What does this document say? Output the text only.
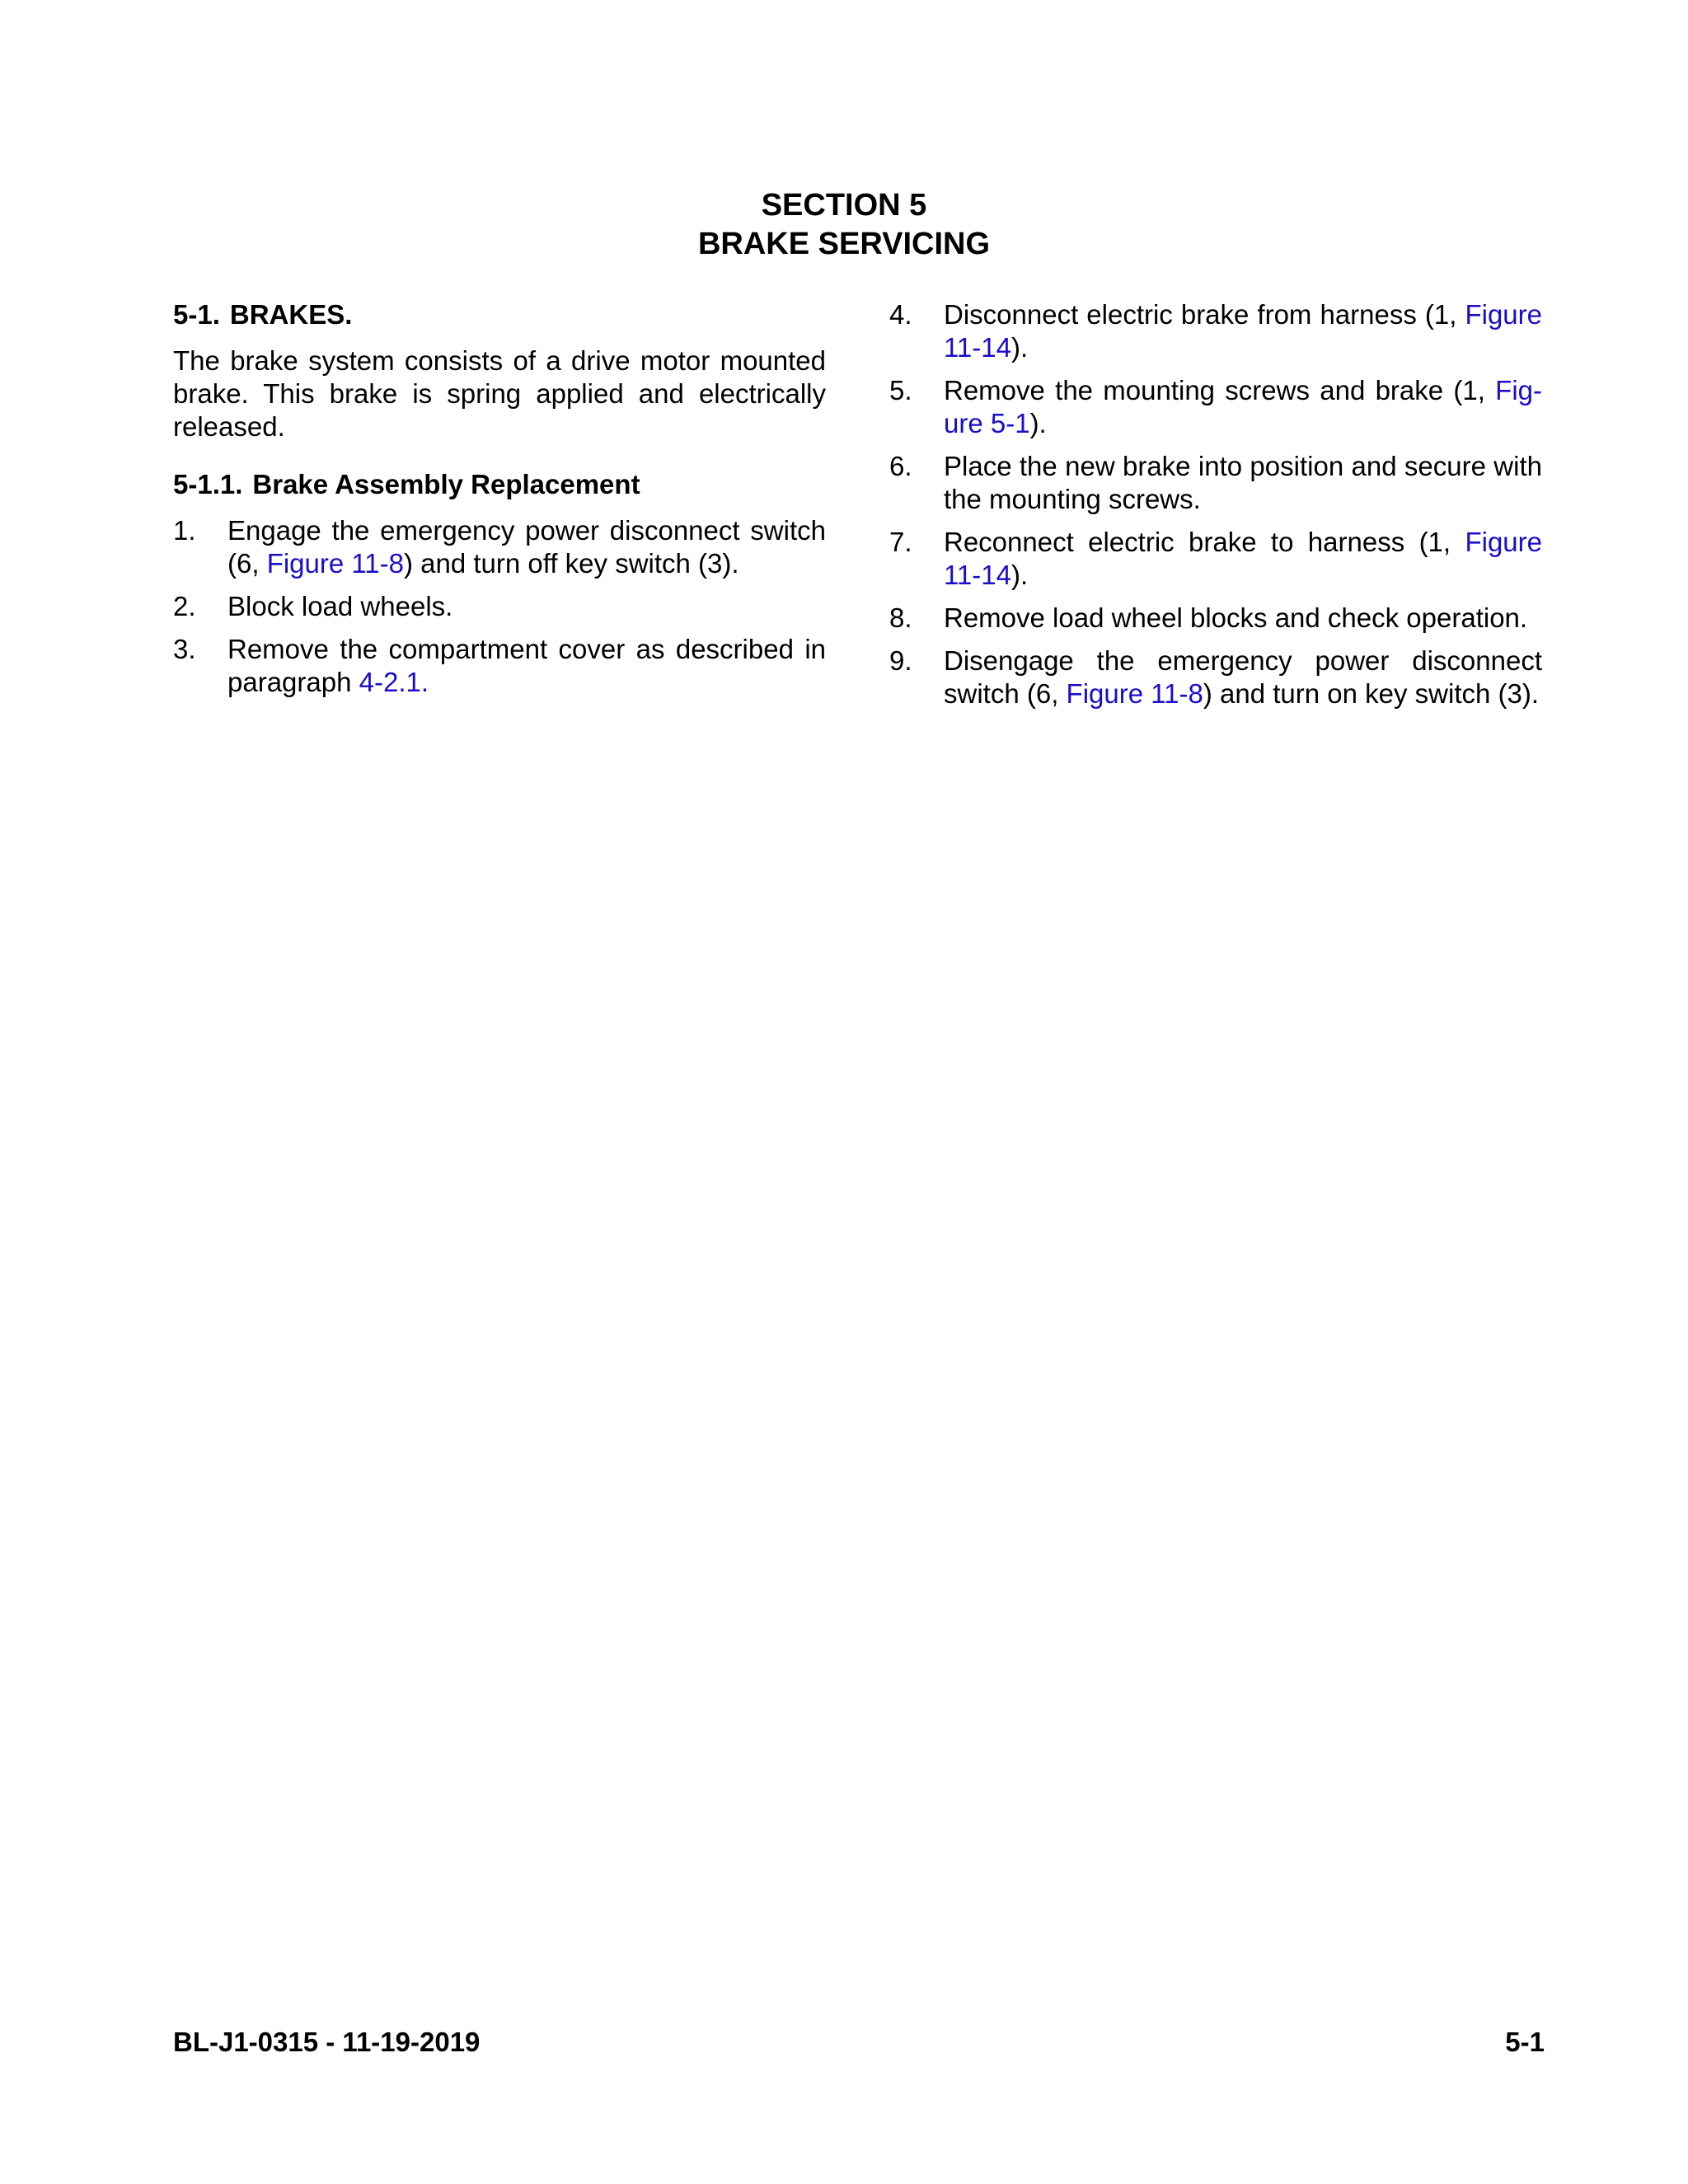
SECTION 5
BRAKE SERVICING

5-1. BRAKES.

The brake system consists of a drive motor mounted brake. This brake is spring applied and electrically released.

5-1.1. Brake Assembly Replacement

1. Engage the emergency power disconnect switch (6, Figure 11-8) and turn off key switch (3).
2. Block load wheels.
3. Remove the compartment cover as described in paragraph 4-2.1.
4. Disconnect electric brake from harness (1, Figure 11-14).
5. Remove the mounting screws and brake (1, Fig-ure 5-1).
6. Place the new brake into position and secure with the mounting screws.
7. Reconnect electric brake to harness (1, Figure 11-14).
8. Remove load wheel blocks and check operation.
9. Disengage the emergency power disconnect switch (6, Figure 11-8) and turn on key switch (3).
BL-J1-0315 - 11-19-2019	5-1
